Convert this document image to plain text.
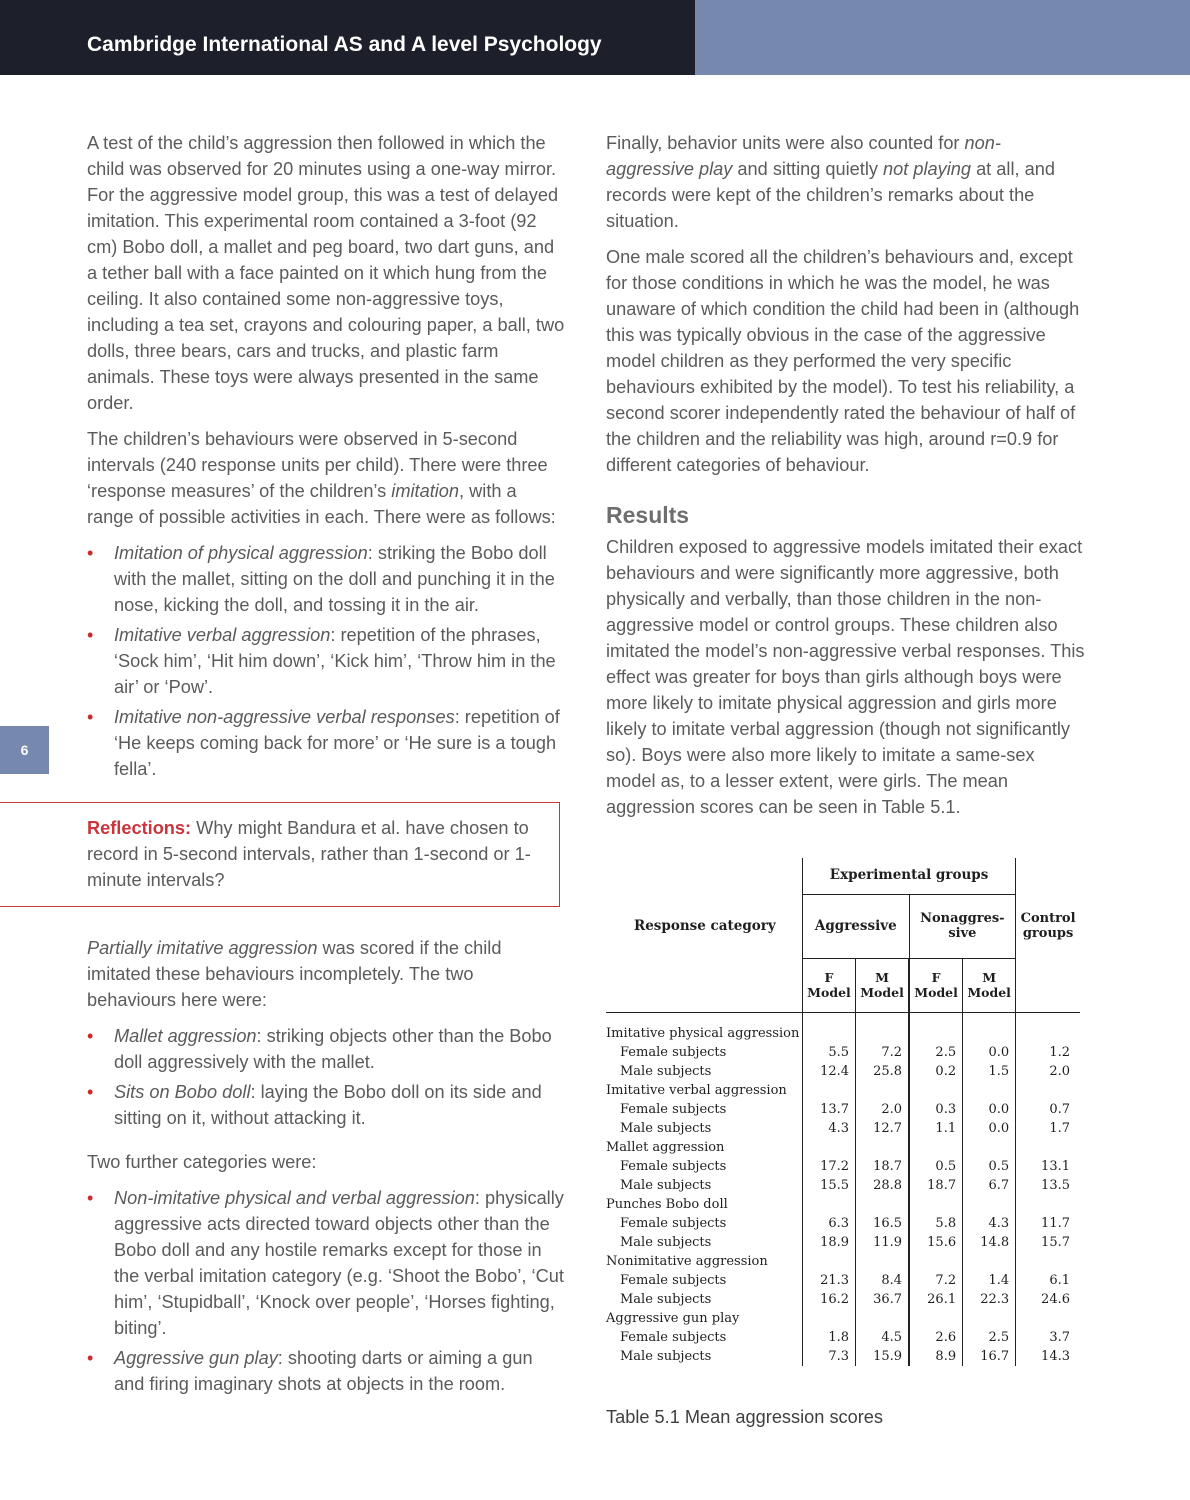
Cambridge International AS and A level Psychology
6

A test of the child’s aggression then followed in which the child was observed for 20 minutes using a one-way mirror. For the aggressive model group, this was a test of delayed imitation. This experimental room contained a 3-foot (92 cm) Bobo doll, a mallet and peg board, two dart guns, and a tether ball with a face painted on it which hung from the ceiling. It also contained some non-aggressive toys, including a tea set, crayons and colouring paper, a ball, two dolls, three bears, cars and trucks, and plastic farm animals. These toys were always presented in the same order.

The children’s behaviours were observed in 5-second intervals (240 response units per child). There were three ‘response measures’ of the children’s imitation, with a range of possible activities in each. There were as follows:

• Imitation of physical aggression: striking the Bobo doll with the mallet, sitting on the doll and punching it in the nose, kicking the doll, and tossing it in the air.
• Imitative verbal aggression: repetition of the phrases, ‘Sock him’, ‘Hit him down’, ‘Kick him’, ‘Throw him in the air’ or ‘Pow’.
• Imitative non-aggressive verbal responses: repetition of ‘He keeps coming back for more’ or ‘He sure is a tough fella’.

Reflections: Why might Bandura et al. have chosen to record in 5-second intervals, rather than 1-second or 1-minute intervals?

Partially imitative aggression was scored if the child imitated these behaviours incompletely. The two behaviours here were:

• Mallet aggression: striking objects other than the Bobo doll aggressively with the mallet.
• Sits on Bobo doll: laying the Bobo doll on its side and sitting on it, without attacking it.

Two further categories were:

• Non-imitative physical and verbal aggression: physically aggressive acts directed toward objects other than the Bobo doll and any hostile remarks except for those in the verbal imitation category (e.g. ‘Shoot the Bobo’, ‘Cut him’, ‘Stupidball’, ‘Knock over people’, ‘Horses fighting, biting’.
• Aggressive gun play: shooting darts or aiming a gun and firing imaginary shots at objects in the room.

Finally, behavior units were also counted for non-aggressive play and sitting quietly not playing at all, and records were kept of the children’s remarks about the situation.

One male scored all the children’s behaviours and, except for those conditions in which he was the model, he was unaware of which condition the child had been in (although this was typically obvious in the case of the aggressive model children as they performed the very specific behaviours exhibited by the model). To test his reliability, a second scorer independently rated the behaviour of half of the children and the reliability was high, around r=0.9 for different categories of behaviour.

Results

Children exposed to aggressive models imitated their exact behaviours and were significantly more aggressive, both physically and verbally, than those children in the non-aggressive model or control groups. These children also imitated the model’s non-aggressive verbal responses. This effect was greater for boys than girls although boys were more likely to imitate physical aggression and girls more likely to imitate verbal aggression (though not significantly so). Boys were also more likely to imitate a same-sex model as, to a lesser extent, were girls. The mean aggression scores can be seen in Table 5.1.

	Experimental groups				
Response category	Aggressive		Nonaggres-sive		Control groups
	F Model	M Model	F Model	M Model	

Imitative physical aggression					
Female subjects	5.5	7.2	2.5	0.0	1.2
Male subjects	12.4	25.8	0.2	1.5	2.0
Imitative verbal aggression					
Female subjects	13.7	2.0	0.3	0.0	0.7
Male subjects	4.3	12.7	1.1	0.0	1.7
Mallet aggression					
Female subjects	17.2	18.7	0.5	0.5	13.1
Male subjects	15.5	28.8	18.7	6.7	13.5
Punches Bobo doll					
Female subjects	6.3	16.5	5.8	4.3	11.7
Male subjects	18.9	11.9	15.6	14.8	15.7
Nonimitative aggression					
Female subjects	21.3	8.4	7.2	1.4	6.1
Male subjects	16.2	36.7	26.1	22.3	24.6
Aggressive gun play					
Female subjects	1.8	4.5	2.6	2.5	3.7
Male subjects	7.3	15.9	8.9	16.7	14.3
Table 5.1 Mean aggression scores
